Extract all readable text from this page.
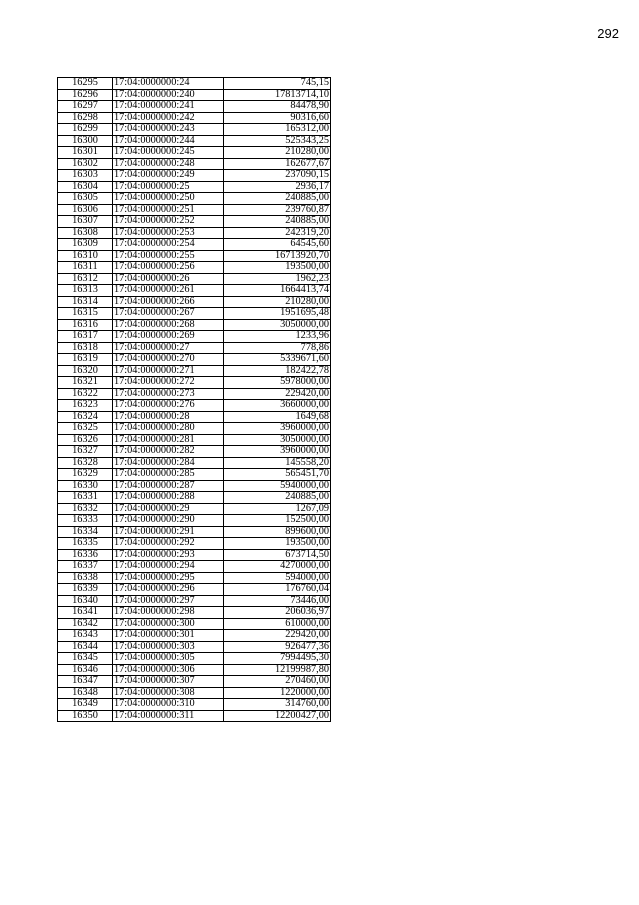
292
16295	17:04:0000000:24	745,15
16296	17:04:0000000:240	17813714,10
16297	17:04:0000000:241	84478,90
16298	17:04:0000000:242	90316,60
16299	17:04:0000000:243	165312,00
16300	17:04:0000000:244	525343,25
16301	17:04:0000000:245	210280,00
16302	17:04:0000000:248	162677,67
16303	17:04:0000000:249	237090,15
16304	17:04:0000000:25	2936,17
16305	17:04:0000000:250	240885,00
16306	17:04:0000000:251	239760,87
16307	17:04:0000000:252	240885,00
16308	17:04:0000000:253	242319,20
16309	17:04:0000000:254	64545,60
16310	17:04:0000000:255	16713920,70
16311	17:04:0000000:256	193500,00
16312	17:04:0000000:26	1962,23
16313	17:04:0000000:261	1664413,74
16314	17:04:0000000:266	210280,00
16315	17:04:0000000:267	1951695,48
16316	17:04:0000000:268	3050000,00
16317	17:04:0000000:269	1233,96
16318	17:04:0000000:27	778,86
16319	17:04:0000000:270	5339671,60
16320	17:04:0000000:271	182422,78
16321	17:04:0000000:272	5978000,00
16322	17:04:0000000:273	229420,00
16323	17:04:0000000:276	3660000,00
16324	17:04:0000000:28	1649,68
16325	17:04:0000000:280	3960000,00
16326	17:04:0000000:281	3050000,00
16327	17:04:0000000:282	3960000,00
16328	17:04:0000000:284	145558,20
16329	17:04:0000000:285	565451,70
16330	17:04:0000000:287	5940000,00
16331	17:04:0000000:288	240885,00
16332	17:04:0000000:29	1267,09
16333	17:04:0000000:290	152500,00
16334	17:04:0000000:291	899600,00
16335	17:04:0000000:292	193500,00
16336	17:04:0000000:293	673714,50
16337	17:04:0000000:294	4270000,00
16338	17:04:0000000:295	594000,00
16339	17:04:0000000:296	176760,04
16340	17:04:0000000:297	73446,00
16341	17:04:0000000:298	206036,97
16342	17:04:0000000:300	610000,00
16343	17:04:0000000:301	229420,00
16344	17:04:0000000:303	926477,36
16345	17:04:0000000:305	7994495,30
16346	17:04:0000000:306	12199987,80
16347	17:04:0000000:307	270460,00
16348	17:04:0000000:308	1220000,00
16349	17:04:0000000:310	314760,00
16350	17:04:0000000:311	12200427,00
